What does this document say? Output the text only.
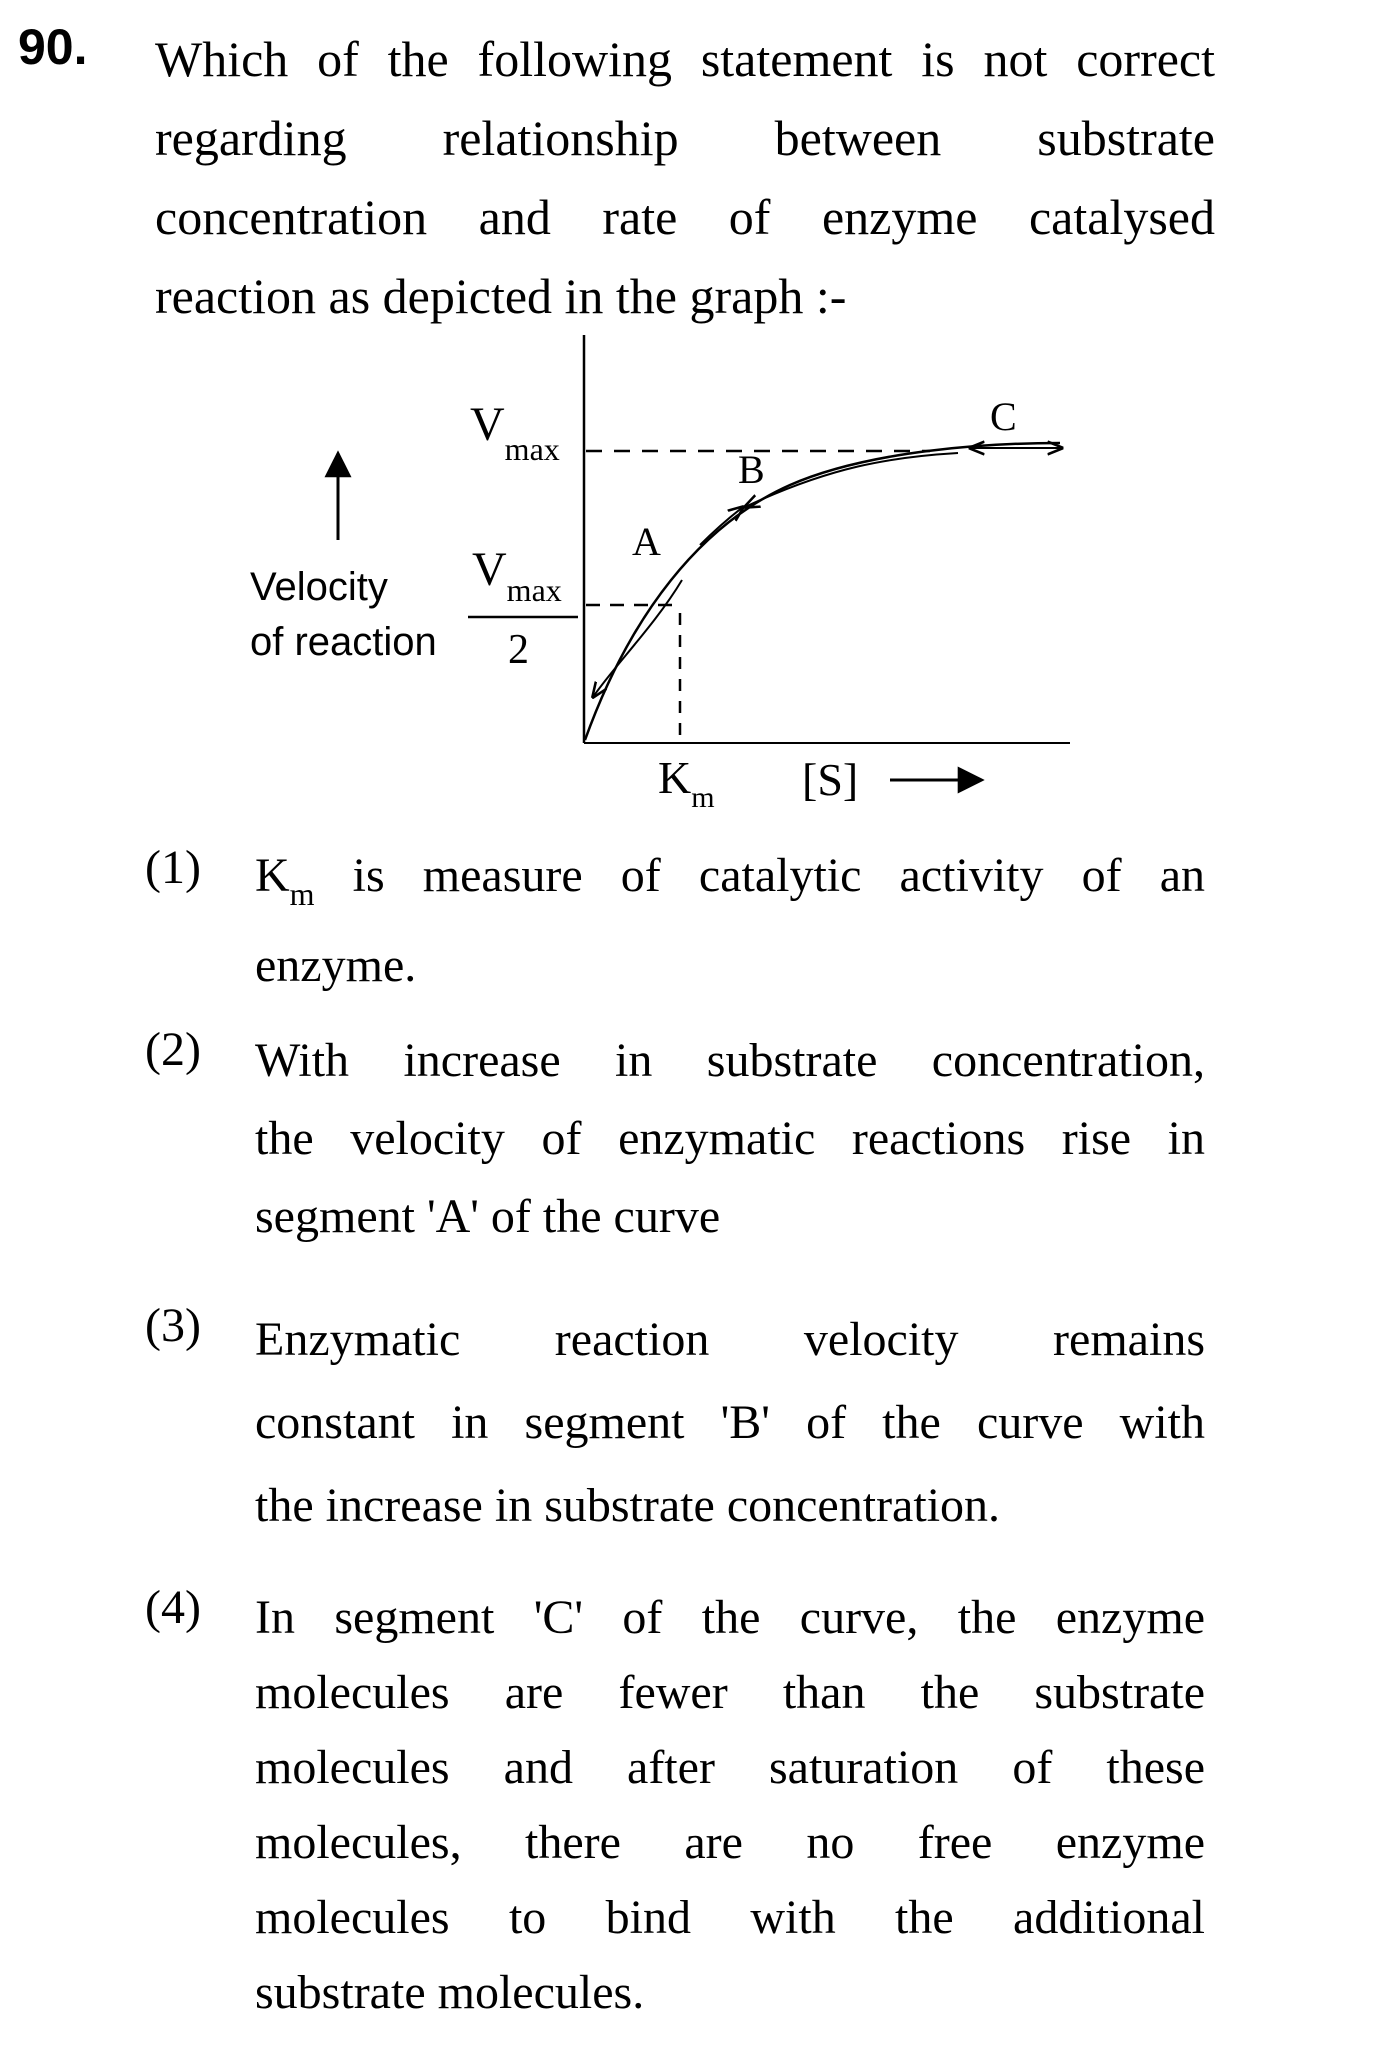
90. Which of the following statement is not correct
regarding relationship between substrate
concentration and rate of enzyme catalysed
reaction as depicted in the graph :-
A
B
C
Vmax
Vmax
2
Velocity
of reaction
Km [S]
(1) $K_m$ is measure of catalytic activity of an
enzyme.
(2) With increase in substrate concentration,
the velocity of enzymatic reactions rise in
segment 'A' of the curve
(3) Enzymatic reaction velocity remains
constant in segment 'B' of the curve with
the increase in substrate concentration.
(4) In segment 'C' of the curve, the enzyme
molecules are fewer than the substrate
molecules and after saturation of these
molecules, there are no free enzyme
molecules to bind with the additional
substrate molecules.
